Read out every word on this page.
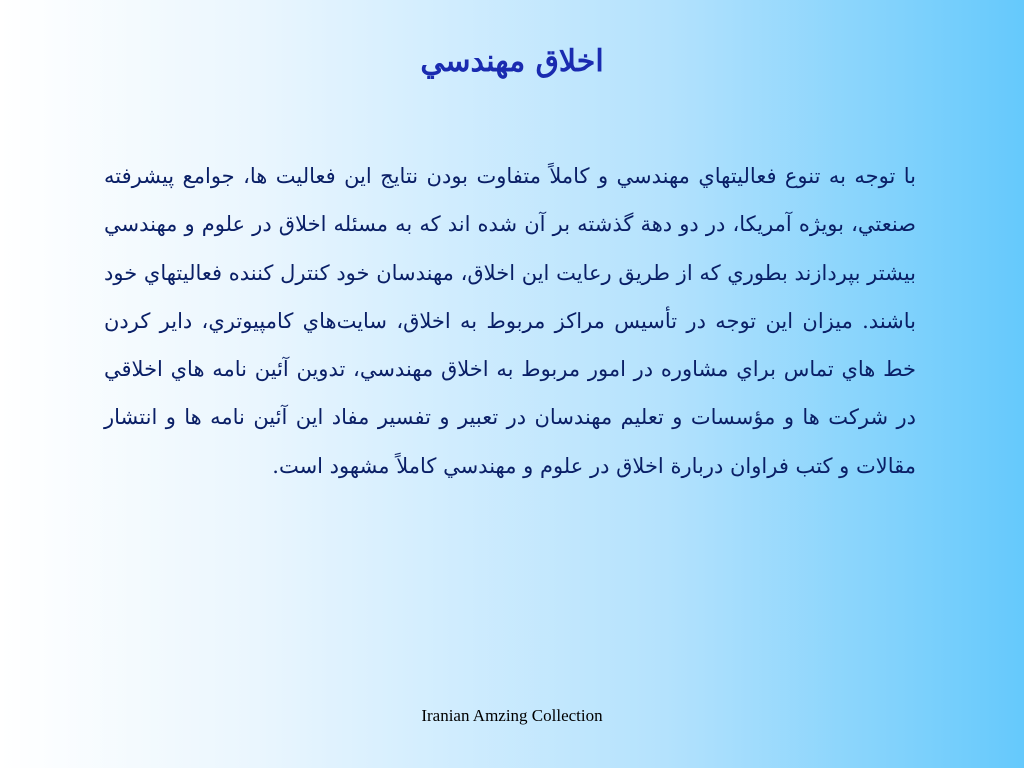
اخلاق مهندسي

با توجه به تنوع فعاليتهاي مهندسي و كاملاً متفاوت بودن نتايج اين فعاليت ها، جوامع پيشرفته صنعتي، بويژه آمريكا، در دو دهة گذشته بر آن شده اند كه به مسئله اخلاق در علوم و مهندسي بيشتر بپردازند بطوري كه از طريق رعايت اين اخلاق، مهندسان خود كنترل كننده فعاليتهاي خود باشند. ميزان اين توجه در تأسيس مراكز مربوط به اخلاق، سايت‌هاي كامپيوتري، داير كردن خط هاي تماس براي مشاوره در امور مربوط به اخلاق مهندسي، تدوين آئين نامه هاي اخلاقي در شركت ها و مؤسسات و تعليم مهندسان در تعبير و تفسير مفاد اين آئين نامه ها و انتشار مقالات و كتب فراوان دربارة اخلاق در علوم و مهندسي كاملاً مشهود است.

Iranian Amzing Collection
